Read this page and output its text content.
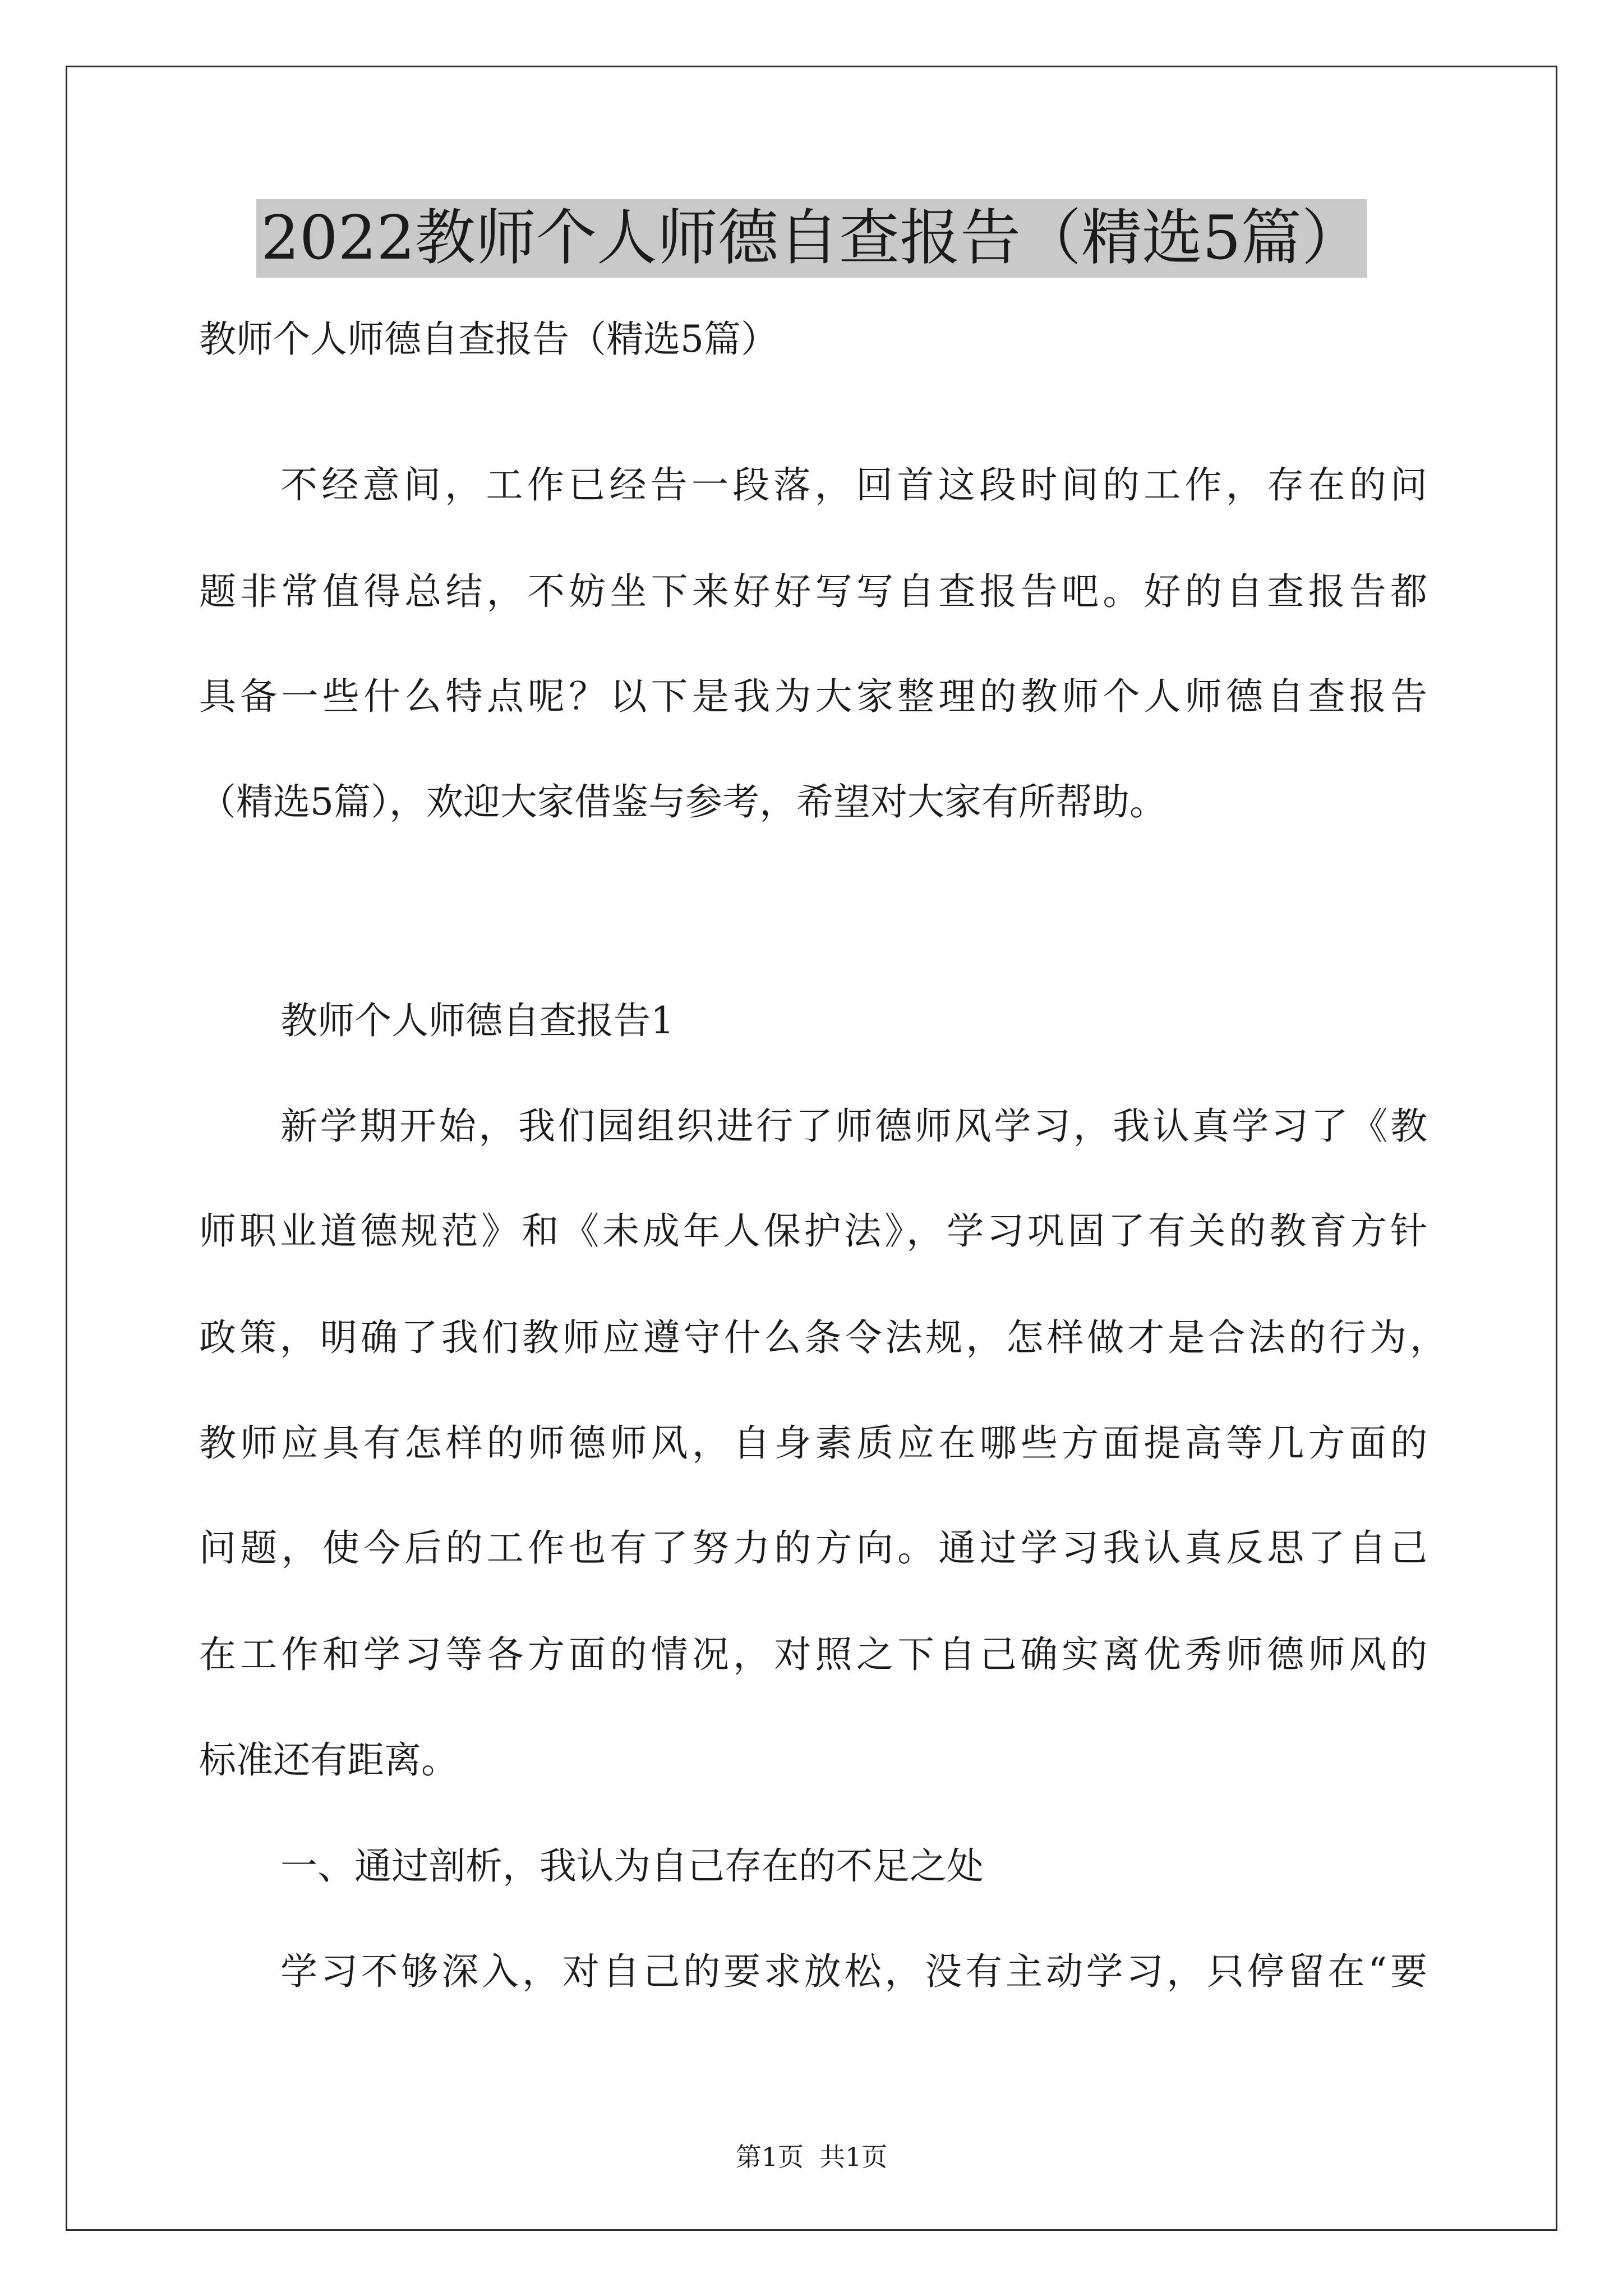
2022教师个人师德自查报告（精选5篇）
教师个人师德自查报告（精选5篇）
不经意间，工作已经告一段落，回首这段时间的工作，存在的问
题非常值得总结，不妨坐下来好好写写自查报告吧。好的自查报告都
具备一些什么特点呢？以下是我为大家整理的教师个人师德自查报告
（精选5篇），欢迎大家借鉴与参考，希望对大家有所帮助。
教师个人师德自查报告1
新学期开始，我们园组织进行了师德师风学习，我认真学习了《教
师职业道德规范》和《未成年人保护法》，学习巩固了有关的教育方针
政策，明确了我们教师应遵守什么条令法规，怎样做才是合法的行为，
教师应具有怎样的师德师风，自身素质应在哪些方面提高等几方面的
问题，使今后的工作也有了努力的方向。通过学习我认真反思了自己
在工作和学习等各方面的情况，对照之下自己确实离优秀师德师风的
标准还有距离。
一、通过剖析，我认为自己存在的不足之处
学习不够深入，对自己的要求放松，没有主动学习，只停留在“要
第1页 共1页
